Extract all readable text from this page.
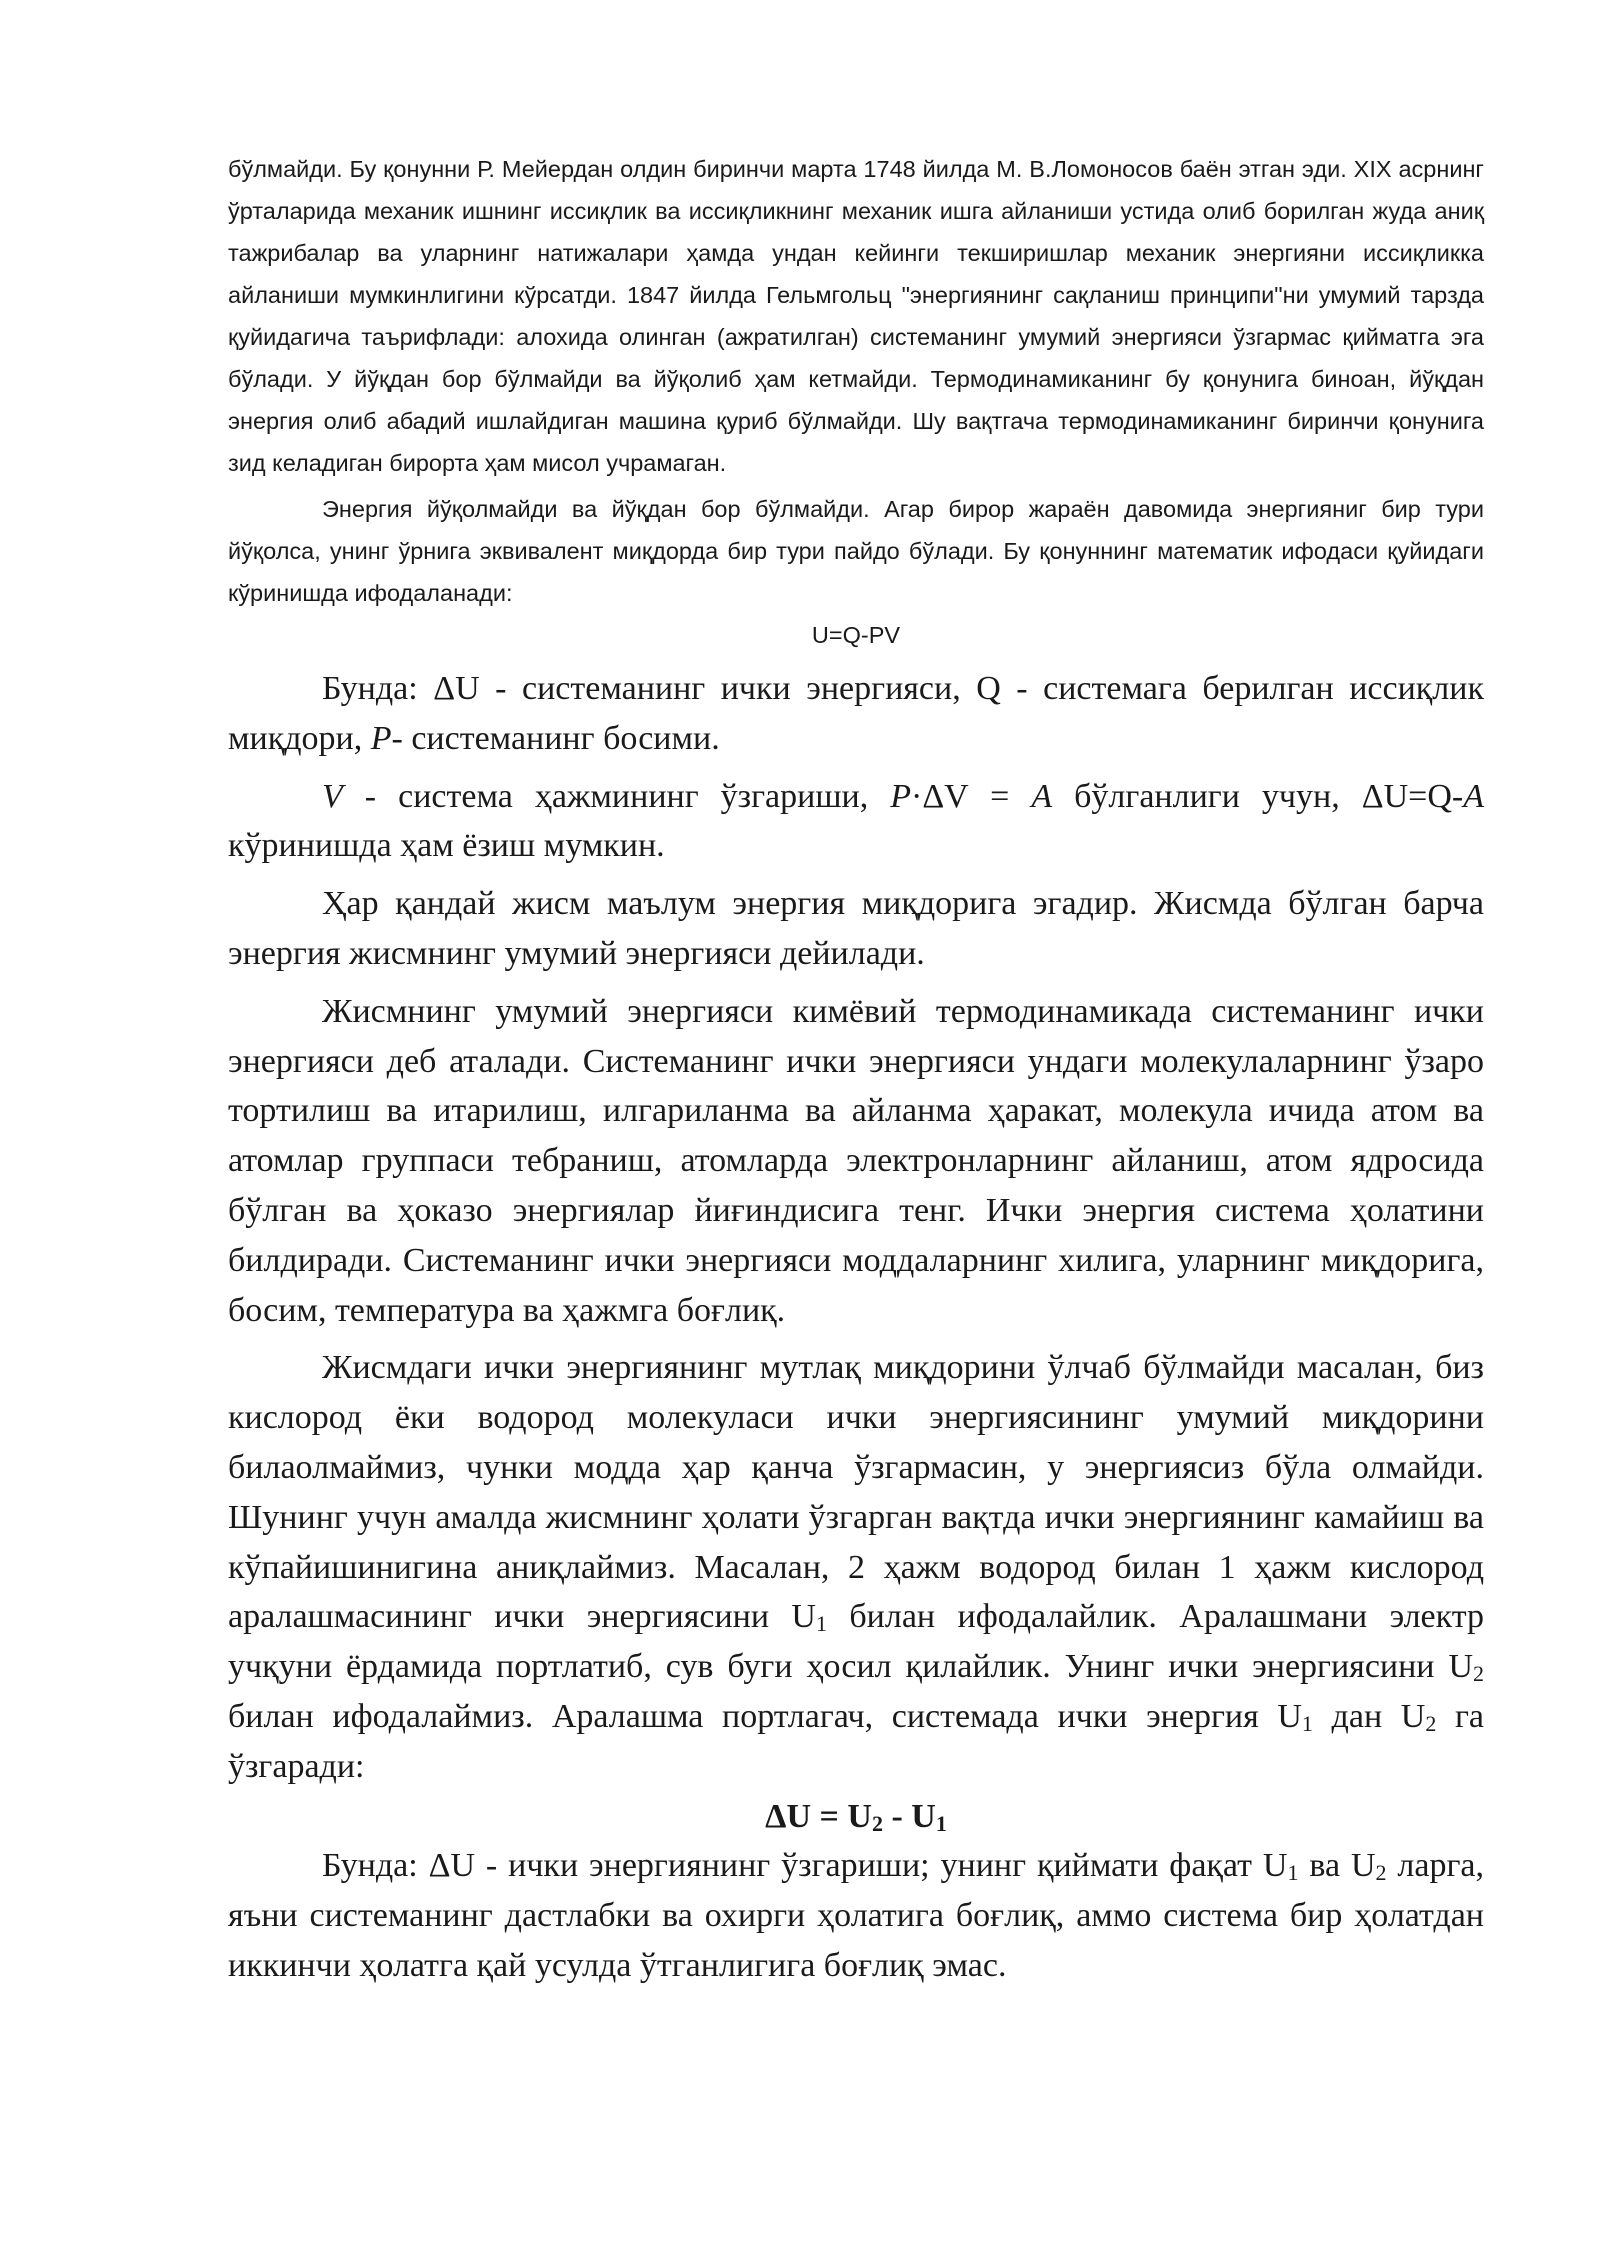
бўлмайди. Бу қонунни Р. Мейердан олдин биринчи марта 1748 йилда М. В.Ломоносов баён этган эди. XIX асрнинг ўрталарида механик ишнинг иссиқлик ва иссиқликнинг механик ишга айланиши устида олиб борилган жуда аниқ тажрибалар ва уларнинг натижалари ҳамда ундан кейинги текширишлар механик энергияни иссиқликка айланиши мумкинлигини кўрсатди. 1847 йилда Гельмгольц "энергиянинг сақланиш принципи"ни умумий тарзда қуйидагича таърифлади: алохида олинган (ажратилган) системанинг умумий энергияси ўзгармас қийматга эга бўлади. У йўқдан бор бўлмайди ва йўқолиб ҳам кетмайди. Термодинамиканинг бу қонунига биноан, йўқдан энергия олиб абадий ишлайдиган машина қуриб бўлмайди. Шу вақтгача термодинамиканинг биринчи қонунига зид келадиган бирорта ҳам мисол учрамаган.

Энергия йўқолмайди ва йўқдан бор бўлмайди. Агар бирор жараён давомида энергияниг бир тури йўқолса, унинг ўрнига эквивалент миқдорда бир тури пайдо бўлади. Бу қонуннинг математик ифодаси қуйидаги кўринишда ифодаланади:

U=Q-PV

Бунда: ΔU - системанинг ички энергияси, Q - системага берилган иссиқлик миқдори, Р- системанинг босими.

V - система ҳажмининг ўзгариши, Р·ΔV = А бўлганлиги учун, ΔU=Q-А кўринишда ҳам ёзиш мумкин.

Ҳар қандай жисм маълум энергия миқдорига эгадир. Жисмда бўлган барча энергия жисмнинг умумий энергияси дейилади.

Жисмнинг умумий энергияси кимёвий термодинамикада системанинг ички энергияси деб аталади. Системанинг ички энергияси ундаги молекулаларнинг ўзаро тортилиш ва итарилиш, илгариланма ва айланма ҳаракат, молекула ичида атом ва атомлар группаси тебраниш, атомларда электронларнинг айланиш, атом ядросида бўлган ва ҳоказо энергиялар йиғиндисига тенг. Ички энергия система ҳолатини билдиради. Системанинг ички энергияси моддаларнинг хилига, уларнинг миқдорига, босим, температура ва ҳажмга боғлиқ.

Жисмдаги ички энергиянинг мутлақ миқдорини ўлчаб бўлмайди масалан, биз кислород ёки водород молекуласи ички энергиясининг умумий миқдорини билаолмаймиз, чунки модда ҳар қанча ўзгармасин, у энергиясиз бўла олмайди. Шунинг учун амалда жисмнинг ҳолати ўзгарган вақтда ички энергиянинг камайиш ва кўпайишинигина аниқлаймиз. Масалан, 2 ҳажм водород билан 1 ҳажм кислород аралашмасининг ички энергиясини $U_1$ билан ифодалайлик. Аралашмани электр учқуни ёрдамида портлатиб, сув буги ҳосил қилайлик. Унинг ички энергиясини $U_2$ билан ифодалаймиз. Аралашма портлагач, системада ички энергия $U_1$ дан $U_2$ га ўзгаради:

$\Delta U = U_2 - U_1$

Бунда: ΔU - ички энергиянинг ўзгариши; унинг қиймати фақат $U_1$ ва $U_2$ ларга, яъни системанинг дастлабки ва охирги ҳолатига боғлиқ, аммо система бир ҳолатдан иккинчи ҳолатга қай усулда ўтганлигига боғлиқ эмас.
